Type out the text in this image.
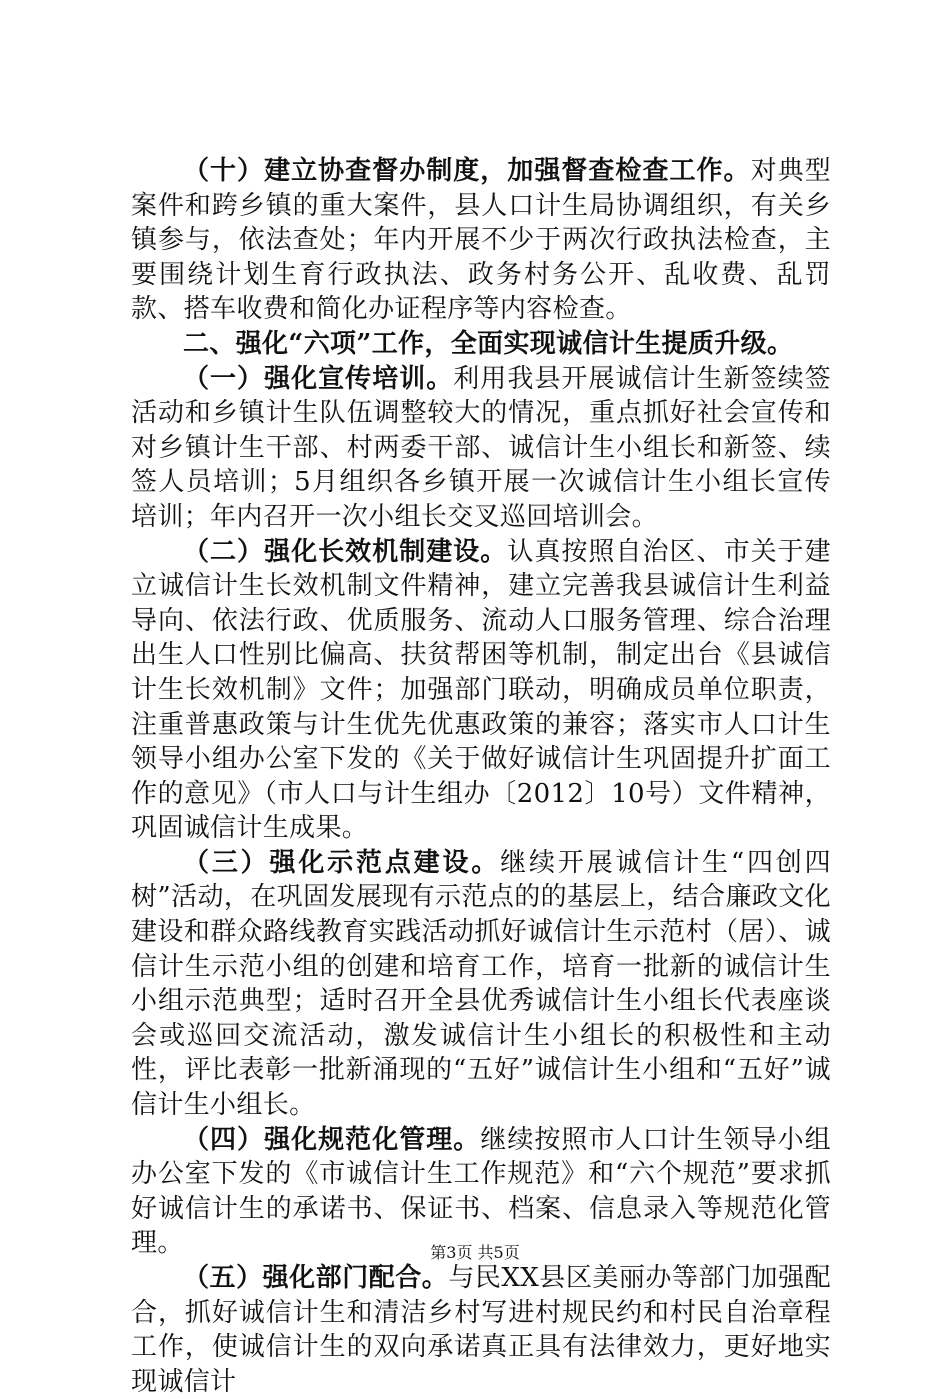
（十）建立协查督办制度，加强督查检查工作。对典型案件和跨乡镇的重大案件，县人口计生局协调组织，有关乡镇参与，依法查处；年内开展不少于两次行政执法检查，主要围绕计划生育行政执法、政务村务公开、乱收费、乱罚款、搭车收费和简化办证程序等内容检查。

二、强化“六项”工作，全面实现诚信计生提质升级。

（一）强化宣传培训。利用我县开展诚信计生新签续签活动和乡镇计生队伍调整较大的情况，重点抓好社会宣传和对乡镇计生干部、村两委干部、诚信计生小组长和新签、续签人员培训；5月组织各乡镇开展一次诚信计生小组长宣传培训；年内召开一次小组长交叉巡回培训会。

（二）强化长效机制建设。认真按照自治区、市关于建立诚信计生长效机制文件精神，建立完善我县诚信计生利益导向、依法行政、优质服务、流动人口服务管理、综合治理出生人口性别比偏高、扶贫帮困等机制，制定出台《县诚信计生长效机制》文件；加强部门联动，明确成员单位职责，注重普惠政策与计生优先优惠政策的兼容；落实市人口计生领导小组办公室下发的《关于做好诚信计生巩固提升扩面工作的意见》（市人口与计生组办〔2012〕10号）文件精神，巩固诚信计生成果。

（三）强化示范点建设。继续开展诚信计生“四创四树”活动，在巩固发展现有示范点的的基层上，结合廉政文化建设和群众路线教育实践活动抓好诚信计生示范村（居）、诚信计生示范小组的创建和培育工作，培育一批新的诚信计生小组示范典型；适时召开全县优秀诚信计生小组长代表座谈会或巡回交流活动，激发诚信计生小组长的积极性和主动性，评比表彰一批新涌现的“五好”诚信计生小组和“五好”诚信计生小组长。

（四）强化规范化管理。继续按照市人口计生领导小组办公室下发的《市诚信计生工作规范》和“六个规范”要求抓好诚信计生的承诺书、保证书、档案、信息录入等规范化管理。

（五）强化部门配合。与民XX县区美丽办等部门加强配合，抓好诚信计生和清洁乡村写进村规民约和村民自治章程工作，使诚信计生的双向承诺真正具有法律效力，更好地实现诚信计

第3页 共5页
